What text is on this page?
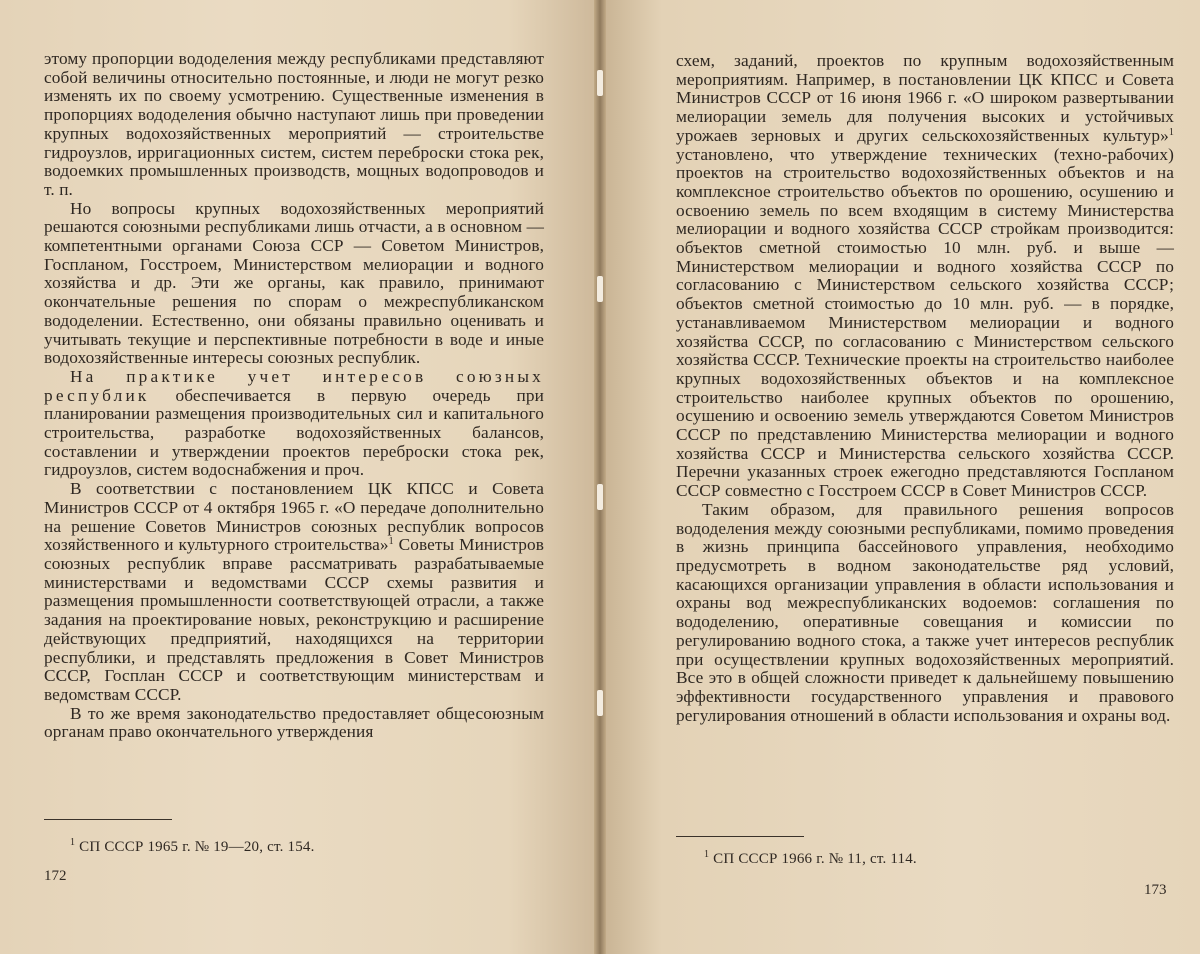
этому пропорции вододеления между республиками представляют собой величины относительно постоянные, и люди не могут резко изменять их по своему усмотрению. Существенные изменения в пропорциях вододеления обычно наступают лишь при проведении крупных водохозяйственных мероприятий — строительстве гидроузлов, ирригационных систем, систем переброски стока рек, водоемких промышленных производств, мощных водопроводов и т. п.

Но вопросы крупных водохозяйственных мероприятий решаются союзными республиками лишь отчасти, а в основном — компетентными органами Союза ССР — Советом Министров, Госпланом, Госстроем, Министерством мелиорации и водного хозяйства и др. Эти же органы, как правило, принимают окончательные решения по спорам о межреспубликанском вододелении. Естественно, они обязаны правильно оценивать и учитывать текущие и перспективные потребности в воде и иные водохозяйственные интересы союзных республик.

На практике учет интересов союзных республик обеспечивается в первую очередь при планировании размещения производительных сил и капитального строительства, разработке водохозяйственных балансов, составлении и утверждении проектов переброски стока рек, гидроузлов, систем водоснабжения и проч.

В соответствии с постановлением ЦК КПСС и Совета Министров СССР от 4 октября 1965 г. «О передаче дополнительно на решение Советов Министров союзных республик вопросов хозяйственного и культурного строительства»$^1$ Советы Министров союзных республик вправе рассматривать разрабатываемые министерствами и ведомствами СССР схемы развития и размещения промышленности соответствующей отрасли, а также задания на проектирование новых, реконструкцию и расширение действующих предприятий, находящихся на территории республики, и представлять предложения в Совет Министров СССР, Госплан СССР и соответствующим министерствам и ведомствам СССР.

В то же время законодательство предоставляет общесоюзным органам право окончательного утверждения

$^1$ СП СССР 1965 г. № 19—20, ст. 154.
172

схем, заданий, проектов по крупным водохозяйственным мероприятиям. Например, в постановлении ЦК КПСС и Совета Министров СССР от 16 июня 1966 г. «О широком развертывании мелиорации земель для получения высоких и устойчивых урожаев зерновых и других сельскохозяйственных культур»$^1$ установлено, что утверждение технических (техно-рабочих) проектов на строительство водохозяйственных объектов и на комплексное строительство объектов по орошению, осушению и освоению земель по всем входящим в систему Министерства мелиорации и водного хозяйства СССР стройкам производится: объектов сметной стоимостью 10 млн. руб. и выше — Министерством мелиорации и водного хозяйства СССР по согласованию с Министерством сельского хозяйства СССР; объектов сметной стоимостью до 10 млн. руб. — в порядке, устанавливаемом Министерством мелиорации и водного хозяйства СССР, по согласованию с Министерством сельского хозяйства СССР. Технические проекты на строительство наиболее крупных водохозяйственных объектов и на комплексное строительство наиболее крупных объектов по орошению, осушению и освоению земель утверждаются Советом Министров СССР по представлению Министерства мелиорации и водного хозяйства СССР и Министерства сельского хозяйства СССР. Перечни указанных строек ежегодно представляются Госпланом СССР совместно с Госстроем СССР в Совет Министров СССР.

Таким образом, для правильного решения вопросов вододеления между союзными республиками, помимо проведения в жизнь принципа бассейнового управления, необходимо предусмотреть в водном законодательстве ряд условий, касающихся организации управления в области использования и охраны вод межреспубликанских водоемов: соглашения по вододелению, оперативные совещания и комиссии по регулированию водного стока, а также учет интересов республик при осуществлении крупных водохозяйственных мероприятий. Все это в общей сложности приведет к дальнейшему повышению эффективности государственного управления и правового регулирования отношений в области использования и охраны вод.

$^1$ СП СССР 1966 г. № 11, ст. 114.
173
